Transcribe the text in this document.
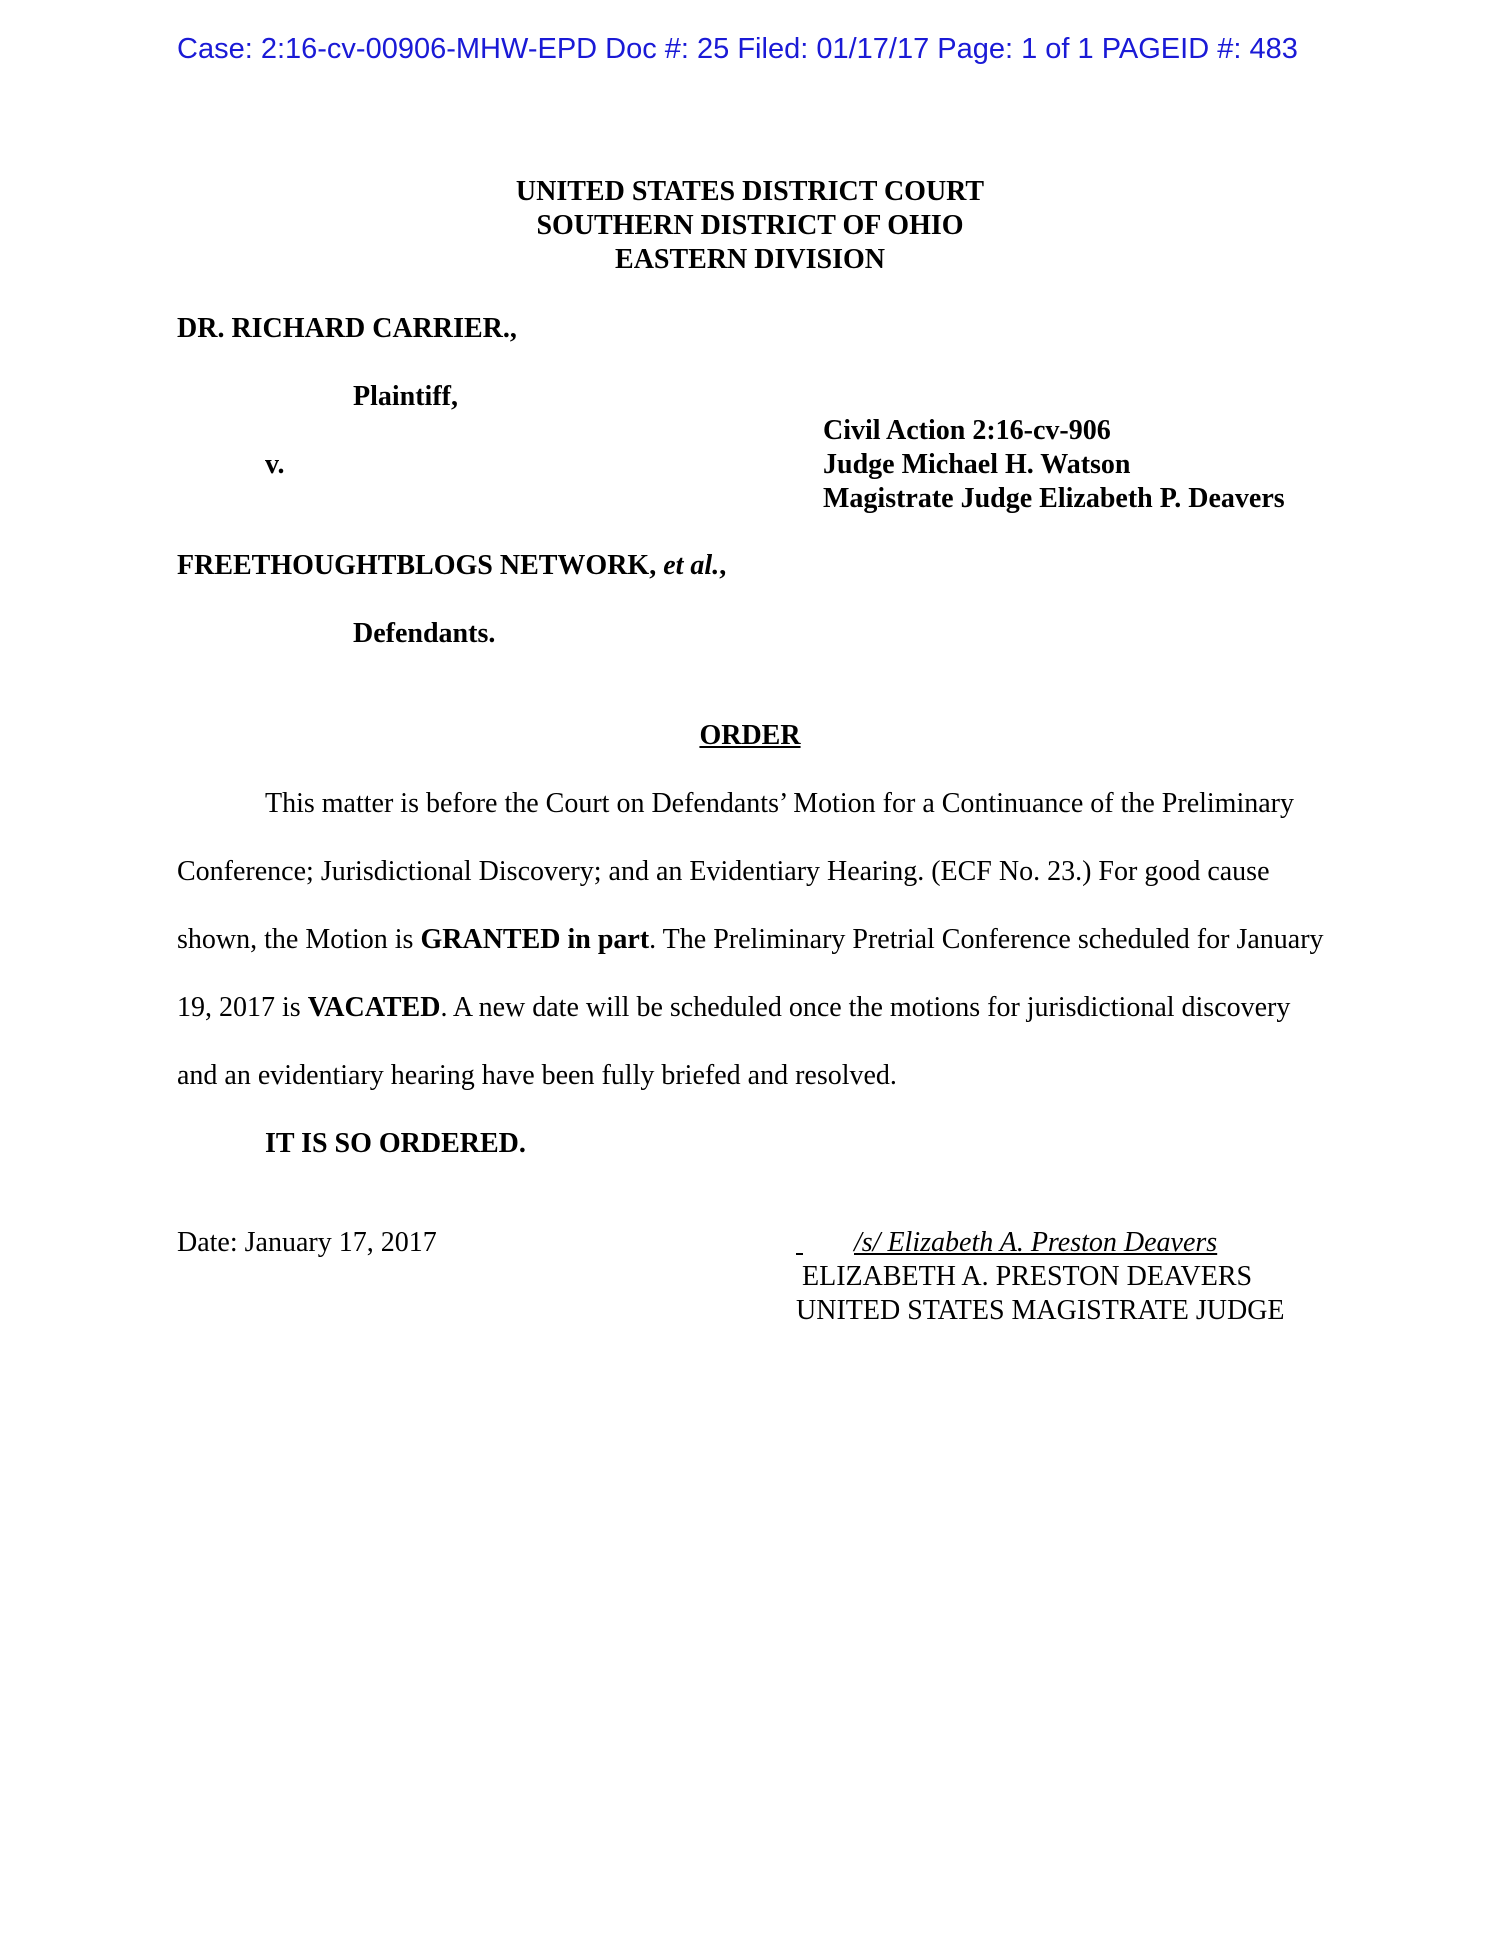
Case: 2:16-cv-00906-MHW-EPD Doc #: 25 Filed: 01/17/17 Page: 1 of 1 PAGEID #: 483
UNITED STATES DISTRICT COURT
SOUTHERN DISTRICT OF OHIO
EASTERN DIVISION
DR. RICHARD CARRIER.,
Plaintiff,
v.
Civil Action 2:16-cv-906
Judge Michael H. Watson
Magistrate Judge Elizabeth P. Deavers
FREETHOUGHTBLOGS NETWORK, et al.,
Defendants.
ORDER

This matter is before the Court on Defendants’ Motion for a Continuance of the Preliminary Conference; Jurisdictional Discovery; and an Evidentiary Hearing. (ECF No. 23.) For good cause shown, the Motion is GRANTED in part. The Preliminary Pretrial Conference scheduled for January 19, 2017 is VACATED. A new date will be scheduled once the motions for jurisdictional discovery and an evidentiary hearing have been fully briefed and resolved.

IT IS SO ORDERED.
Date: January 17, 2017	/s/ Elizabeth A. Preston Deavers
ELIZABETH A. PRESTON DEAVERS
UNITED STATES MAGISTRATE JUDGE
